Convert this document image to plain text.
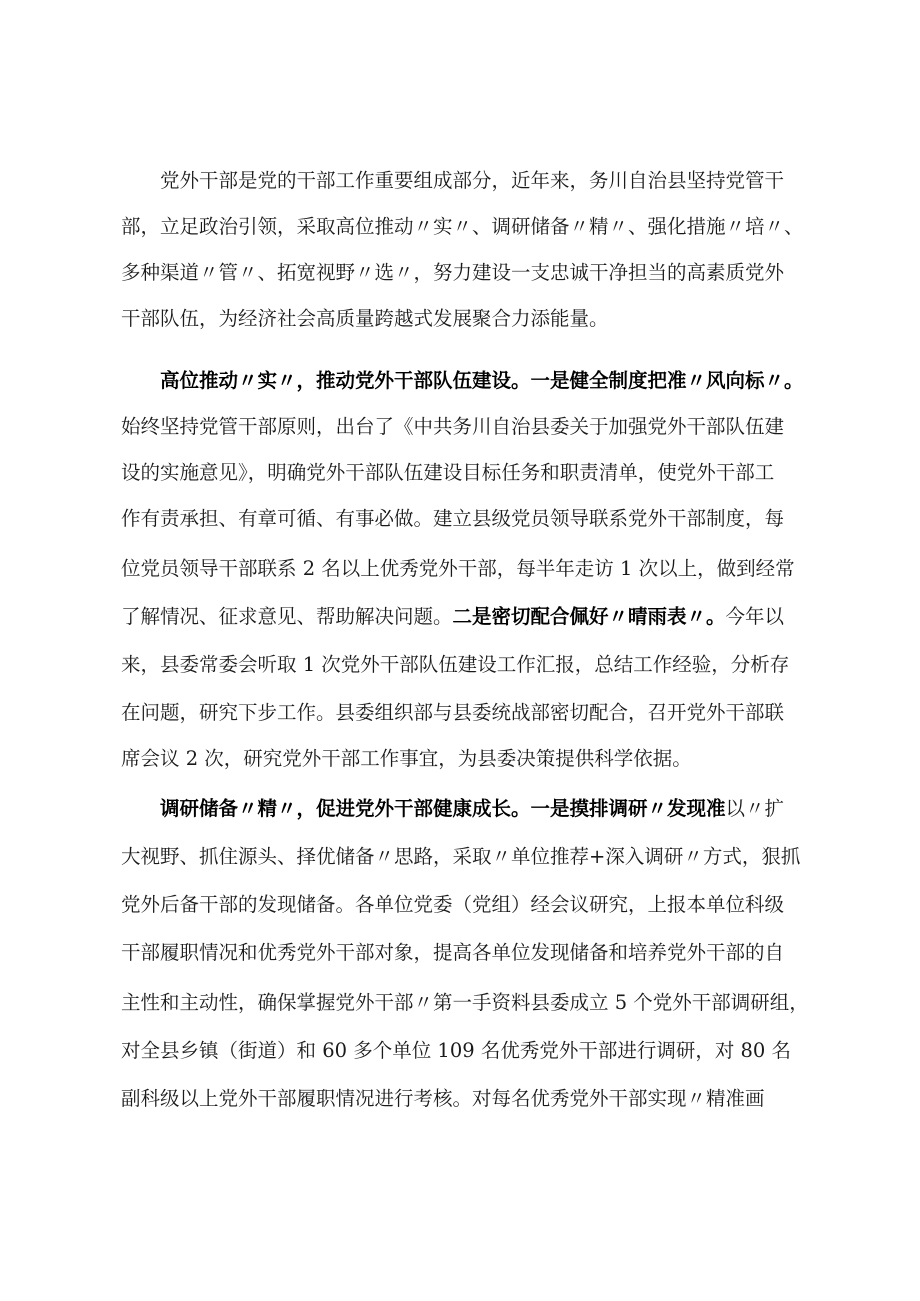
党外干部是党的干部工作重要组成部分，近年来，务川自治县坚持党管干
部，立足政治引领，采取高位推动〃实〃、调研储备〃精〃、强化措施〃培〃、
多种渠道〃管〃、拓宽视野〃选〃，努力建设一支忠诚干净担当的高素质党外
干部队伍，为经济社会高质量跨越式发展聚合力添能量。
高位推动〃实〃，推动党外干部队伍建设。一是健全制度把准〃风向标〃。
始终坚持党管干部原则，出台了《中共务川自治县委关于加强党外干部队伍建
设的实施意见》，明确党外干部队伍建设目标任务和职责清单，使党外干部工
作有责承担、有章可循、有事必做。建立县级党员领导联系党外干部制度，每
位党员领导干部联系 2 名以上优秀党外干部，每半年走访 1 次以上，做到经常
了解情况、征求意见、帮助解决问题。二是密切配合佩好〃晴雨表〃。今年以
来，县委常委会听取 1 次党外干部队伍建设工作汇报，总结工作经验，分析存
在问题，研究下步工作。县委组织部与县委统战部密切配合，召开党外干部联
席会议 2 次，研究党外干部工作事宜，为县委决策提供科学依据。
调研储备〃精〃，促进党外干部健康成长。一是摸排调研〃发现准以〃扩
大视野、抓住源头、择优储备〃思路，采取〃单位推荐+深入调研〃方式，狠抓
党外后备干部的发现储备。各单位党委（党组）经会议研究，上报本单位科级
干部履职情况和优秀党外干部对象，提高各单位发现储备和培养党外干部的自
主性和主动性，确保掌握党外干部〃第一手资料县委成立 5 个党外干部调研组，
对全县乡镇（街道）和 60 多个单位 109 名优秀党外干部进行调研，对 80 名
副科级以上党外干部履职情况进行考核。对每名优秀党外干部实现〃精准画
